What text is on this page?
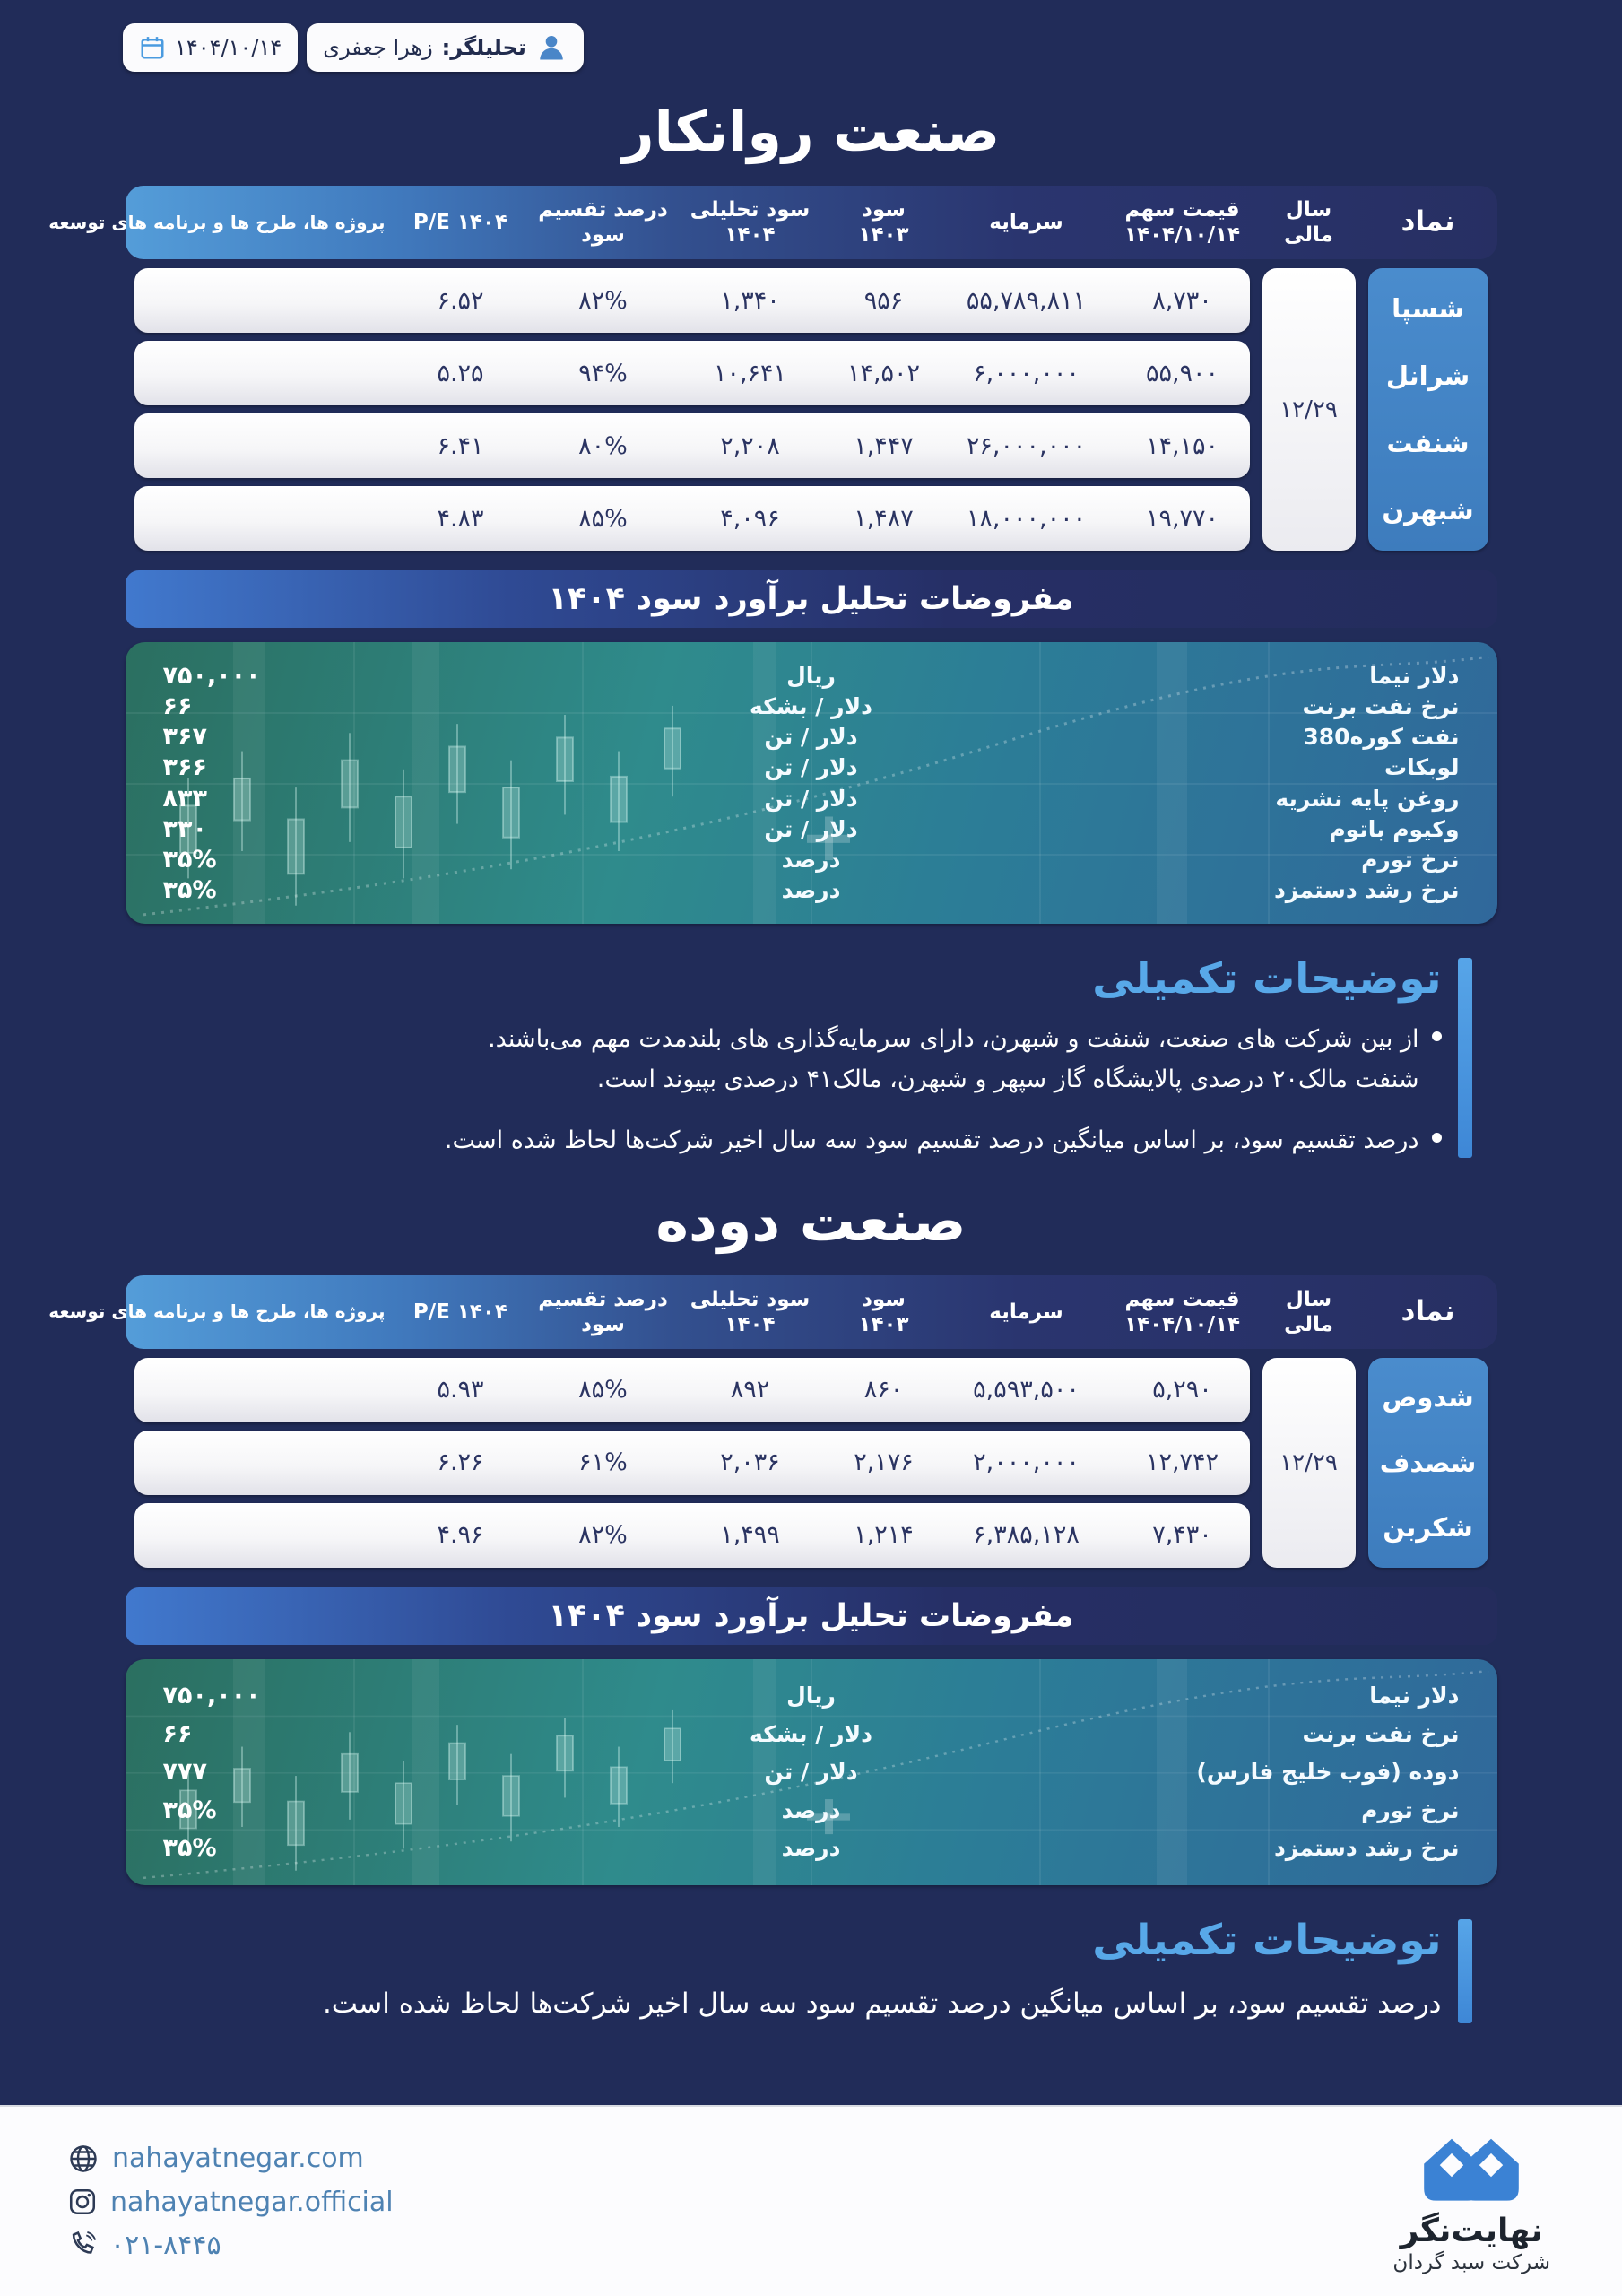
۱۴۰۴/۱۰/۱۴	تحلیلگر:
زهرا جعفری
صنعت روانکار
نماد
سال مالی
قیمت سهم
۱۴۰۴/۱۰/۱۴
سرمایه
سود
۱۴۰۳
سود تحلیلی
۱۴۰۴
درصد تقسیم
سود
P/E ۱۴۰۴
پروژه ها، طرح ها و برنامه های توسعه
شسپا
شرانل
شنفت
شبهرن
۱۲/۲۹
۸,۷۳۰
۵۵,۷۸۹,۸۱۱
۹۵۶
۱,۳۴۰
۸۲%
۶.۵۲
۵۵,۹۰۰
۶,۰۰۰,۰۰۰
۱۴,۵۰۲
۱۰,۶۴۱
۹۴%
۵.۲۵
۱۴,۱۵۰
۲۶,۰۰۰,۰۰۰
۱,۴۴۷
۲,۲۰۸
۸۰%
۶.۴۱
۱۹,۷۷۰
۱۸,۰۰۰,۰۰۰
۱,۴۸۷
۴,۰۹۶
۸۵%
۴.۸۳
مفروضات تحلیل برآورد سود ۱۴۰۴
دلار نیما
ریال
۷۵۰,۰۰۰
نرخ نفت برنت
دلار / بشکه
۶۶
نفت کوره380
دلار / تن
۳۶۷
لوبکات
دلار / تن
۳۶۶
روغن پایه نشریه
دلار / تن
۸۳۳
وکیوم باتوم
دلار / تن
۳۳۰
نرخ تورم
درصد
۳۵%
نرخ رشد دستمزد
درصد
۳۵%
توضیحات تکمیلی
از بین شرکت های صنعت، شنفت و شبهرن، دارای سرمایه‌گذاری های بلندمدت مهم می‌باشند.
شنفت مالک۲۰ درصدی پالایشگاه گاز سپهر و شبهرن، مالک۴۱ درصدی بپیوند است.
درصد تقسیم سود، بر اساس میانگین درصد تقسیم سود سه سال اخیر شرکت‌ها لحاظ شده است.
صنعت دوده
نماد
سال مالی
قیمت سهم
۱۴۰۴/۱۰/۱۴
سرمایه
سود
۱۴۰۳
سود تحلیلی
۱۴۰۴
درصد تقسیم
سود
P/E ۱۴۰۴
پروژه ها، طرح ها و برنامه های توسعه
شدوص
شصدف
شکربن
۱۲/۲۹
۵,۲۹۰
۵,۵۹۳,۵۰۰
۸۶۰
۸۹۲
۸۵%
۵.۹۳
۱۲,۷۴۲
۲,۰۰۰,۰۰۰
۲,۱۷۶
۲,۰۳۶
۶۱%
۶.۲۶
۷,۴۳۰
۶,۳۸۵,۱۲۸
۱,۲۱۴
۱,۴۹۹
۸۲%
۴.۹۶
مفروضات تحلیل برآورد سود ۱۴۰۴
دلار نیما
ریال
۷۵۰,۰۰۰
نرخ نفت برنت
دلار / بشکه
۶۶
دوده (فوب خلیج فارس)
دلار / تن
۷۷۷
نرخ تورم
درصد
۳۵%
نرخ رشد دستمزد
درصد
۳۵%
توضیحات تکمیلی
درصد تقسیم سود، بر اساس میانگین درصد تقسیم سود سه سال اخیر شرکت‌ها لحاظ شده است.
nahayatnegar.com
nahayatnegar.official
۰۲۱-۸۴۴۵	نهایت‌نگر
شرکت سبد گردان
